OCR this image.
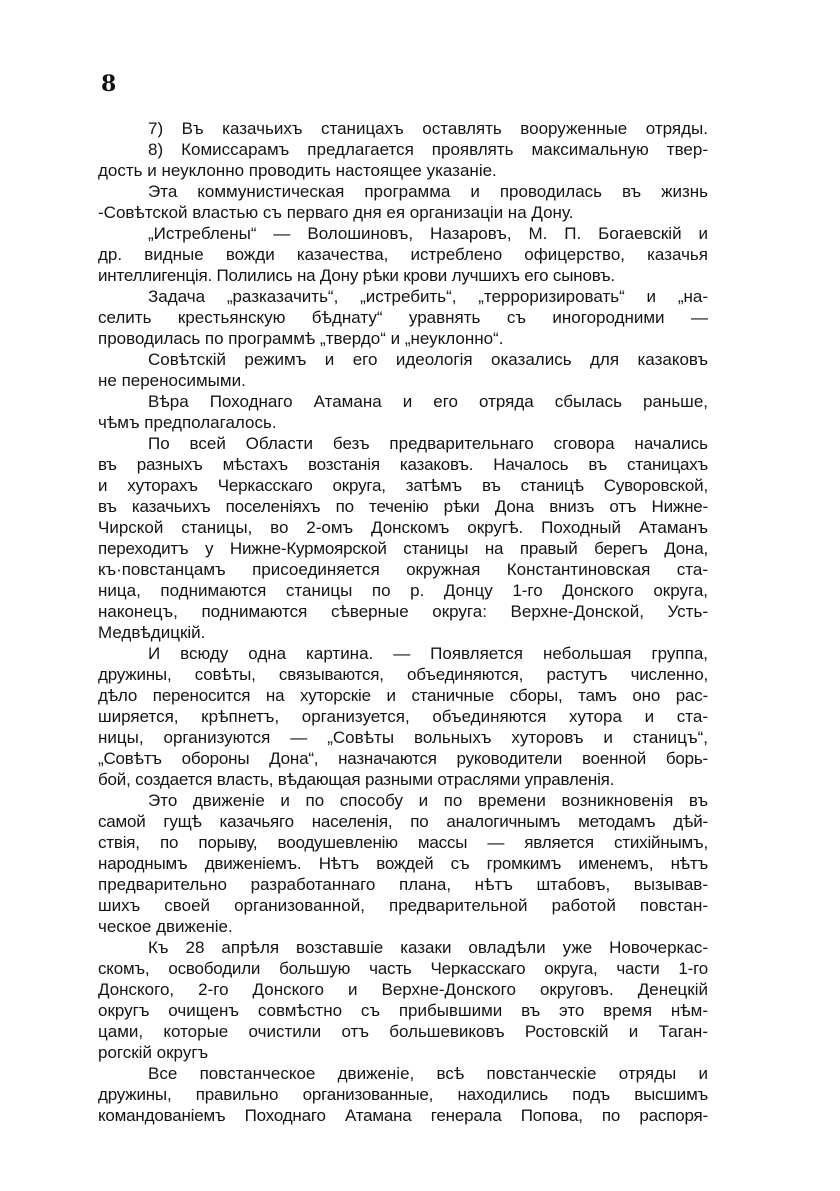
8
7) Въ казачьихъ станицахъ оставлять вооруженные отряды.
8) Комиссарамъ предлагается проявлять максимальную твер-
дость и неуклонно проводить настоящее указаніе.
Эта коммунистическая программа и проводилась въ жизнь
-Совѣтской властью съ перваго дня ея организаціи на Дону.
„Истреблены“ — Волошиновъ, Назаровъ, М. П. Богаевскій и
др. видные вожди казачества, истреблено офицерство, казачья
интеллигенція. Полились на Дону рѣки крови лучшихъ его сыновъ.
Задача „разказачить“, „истребить“, „терроризировать“ и „на-
селить крестьянскую бѣднату“ уравнять съ иногородними —
проводилась по программѣ „твердо“ и „неуклонно“.
Совѣтскій режимъ и его идеологія оказались для казаковъ
не переносимыми.
Вѣра Походнаго Атамана и его отряда сбылась раньше,
чѣмъ предполагалось.
По всей Области безъ предварительнаго сговора начались
въ разныхъ мѣстахъ возстанія казаковъ. Началось въ станицахъ
и хуторахъ Черкасскаго округа, затѣмъ въ станицѣ Суворовской,
въ казачьихъ поселеніяхъ по теченію рѣки Дона внизъ отъ Нижне-
Чирской станицы, во 2-омъ Донскомъ округѣ. Походный Атаманъ
переходитъ у Нижне-Курмоярской станицы на правый берегъ Дона,
къ·повстанцамъ присоединяется окружная Константиновская ста-
ница, поднимаются станицы по р. Донцу 1-го Донского округа,
наконецъ, поднимаются сѣверные округа: Верхне-Донской, Усть-
Медвѣдицкій.
И всюду одна картина. — Появляется небольшая группа,
дружины, совѣты, связываются, объединяются, растутъ численно,
дѣло переносится на хуторскіе и станичные сборы, тамъ оно рас-
ширяется, крѣпнетъ, организуется, объединяются хутора и ста-
ницы, организуются — „Совѣты вольныхъ хуторовъ и станицъ“,
„Совѣтъ обороны Дона“, назначаются руководители военной борь-
бой, создается власть, вѣдающая разными отраслями управленія.
Это движеніе и по способу и по времени возникновенія въ
самой гущѣ казачьяго населенія, по аналогичнымъ методамъ дѣй-
ствія, по порыву, воодушевленію массы — является стихійнымъ,
народнымъ движеніемъ. Нѣтъ вождей съ громкимъ именемъ, нѣтъ
предварительно разработаннаго плана, нѣтъ штабовъ, вызывав-
шихъ своей организованной, предварительной работой повстан-
ческое движеніе.
Къ 28 апрѣля возставшіе казаки овладѣли уже Новочеркас-
скомъ, освободили большую часть Черкасскаго округа, части 1-го
Донского, 2-го Донского и Верхне-Донского округовъ. Денецкій
округъ очищенъ совмѣстно съ прибывшими въ это время нѣм-
цами, которые очистили отъ большевиковъ Ростовскій и Таган-
рогскій округъ
Все повстанческое движеніе, всѣ повстанческіе отряды и
дружины, правильно организованные, находились подъ высшимъ
командованіемъ Походнаго Атамана генерала Попова, по распоря-
